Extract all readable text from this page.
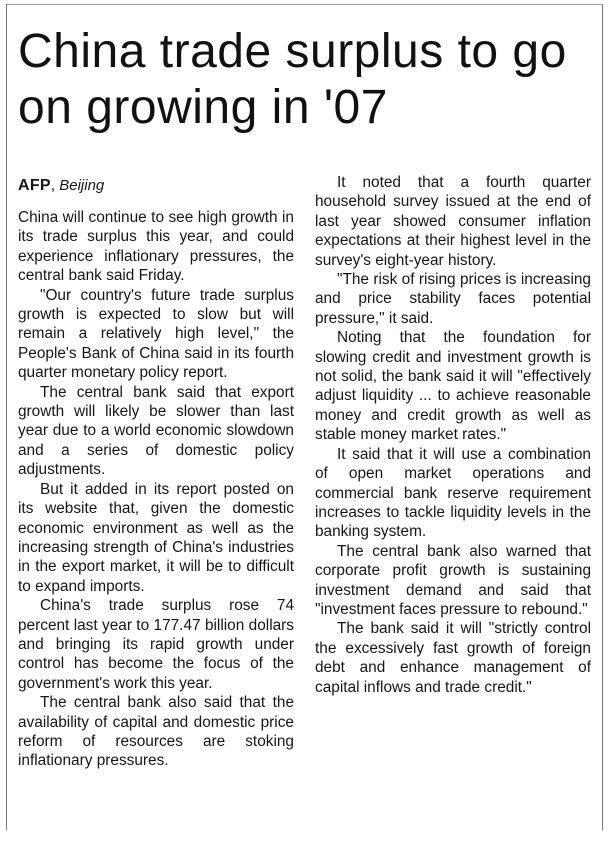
China trade surplus to go on growing in '07

AFP, Beijing

China will continue to see high growth in its trade surplus this year, and could experience inflationary pressures, the central bank said Friday.

"Our country's future trade surplus growth is expected to slow but will remain a relatively high level," the People's Bank of China said in its fourth quarter monetary policy report.

The central bank said that export growth will likely be slower than last year due to a world economic slowdown and a series of domestic policy adjustments.

But it added in its report posted on its website that, given the domestic economic environment as well as the increasing strength of China's industries in the export market, it will be to difficult to expand imports.

China's trade surplus rose 74 percent last year to 177.47 billion dollars and bringing its rapid growth under control has become the focus of the government's work this year.

The central bank also said that the availability of capital and domestic price reform of resources are stoking inflationary pressures.

It noted that a fourth quarter household survey issued at the end of last year showed consumer inflation expectations at their highest level in the survey's eight-year history.

"The risk of rising prices is increasing and price stability faces potential pressure," it said.

Noting that the foundation for slowing credit and investment growth is not solid, the bank said it will "effectively adjust liquidity ... to achieve reasonable money and credit growth as well as stable money market rates."

It said that it will use a combination of open market operations and commercial bank reserve requirement increases to tackle liquidity levels in the banking system.

The central bank also warned that corporate profit growth is sustaining investment demand and said that "investment faces pressure to rebound."

The bank said it will "strictly control the excessively fast growth of foreign debt and enhance management of capital inflows and trade credit."
